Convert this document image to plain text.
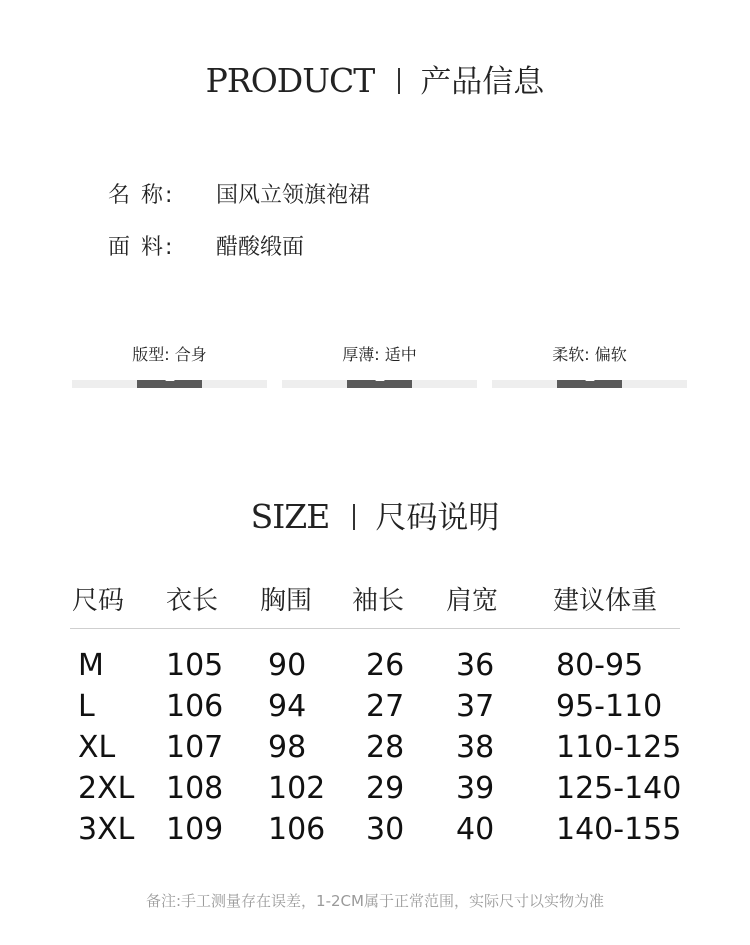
PRODUCT 产品信息
名 称: 国风立领旗袍裙
面 料: 醋酸缎面
版型: 合身	厚薄: 适中	柔软: 偏软
SIZE 尺码说明
尺码 衣长 胸围 袖长 肩宽 建议体重
M 105 90 26 36 80-95
L 106 94 27 37 95-110
XL 107 98 28 38 110-125
2XL 108 102 29 39 125-140
3XL 109 106 30 40 140-155
备注:手工测量存在误差，1-2CM属于正常范围，实际尺寸以实物为准
